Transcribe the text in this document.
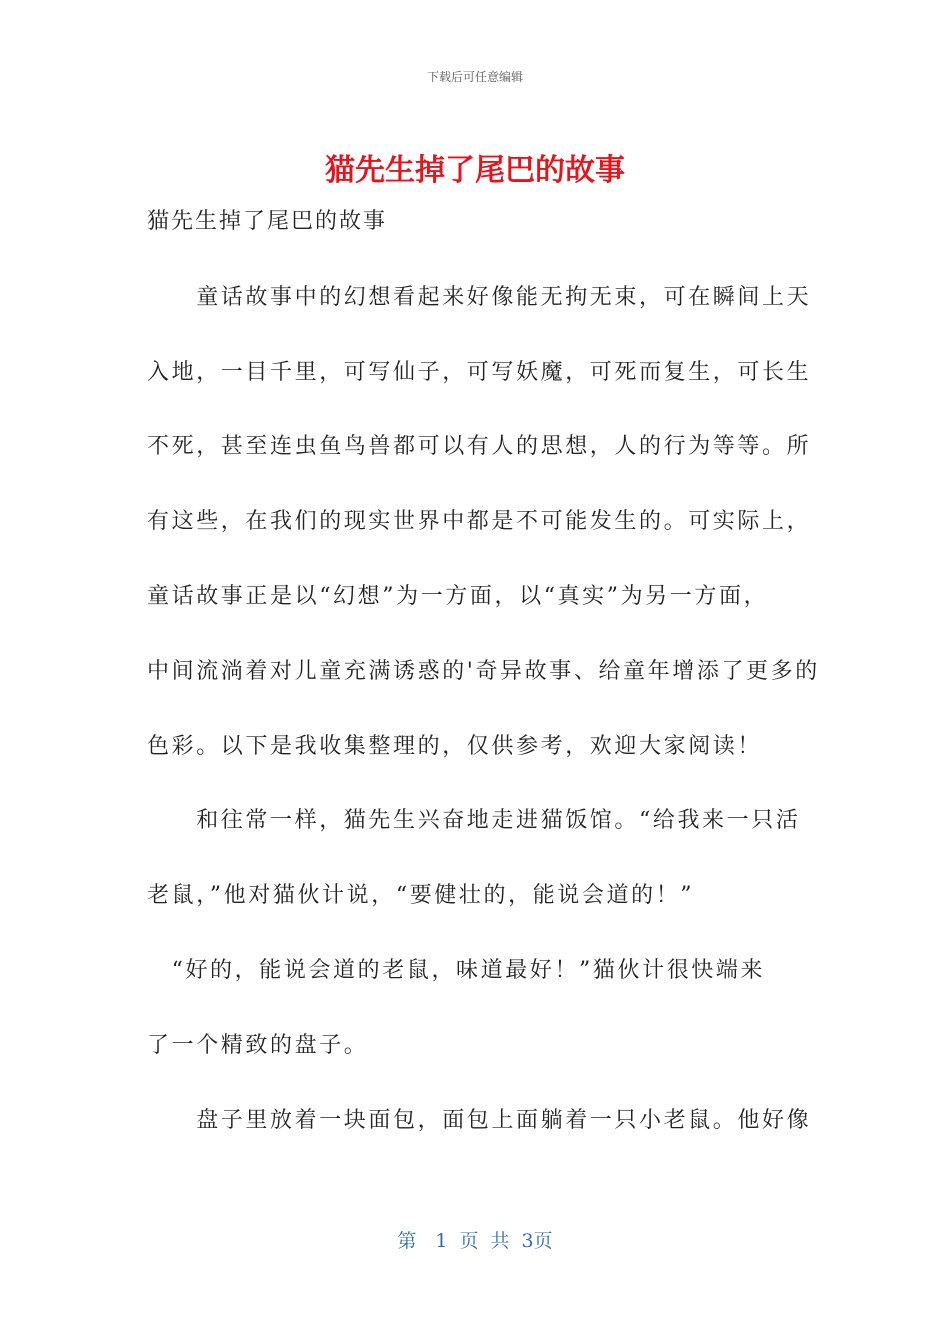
下载后可任意编辑
猫先生掉了尾巴的故事
猫先生掉了尾巴的故事
　　童话故事中的幻想看起来好像能无拘无束，可在瞬间上天
入地，一目千里，可写仙子，可写妖魔，可死而复生，可长生
不死，甚至连虫鱼鸟兽都可以有人的思想，人的行为等等。所
有这些，在我们的现实世界中都是不可能发生的。可实际上，
童话故事正是以“幻想”为一方面，以“真实”为另一方面，
中间流淌着对儿童充满诱惑的'奇异故事、给童年增添了更多的
色彩。以下是我收集整理的，仅供参考，欢迎大家阅读！
　　和往常一样，猫先生兴奋地走进猫饭馆。“给我来一只活
老鼠，”他对猫伙计说，“要健壮的，能说会道的！”
　“好的，能说会道的老鼠，味道最好！”猫伙计很快端来
了一个精致的盘子。
　　盘子里放着一块面包，面包上面躺着一只小老鼠。他好像
第　1 页 共 3页
